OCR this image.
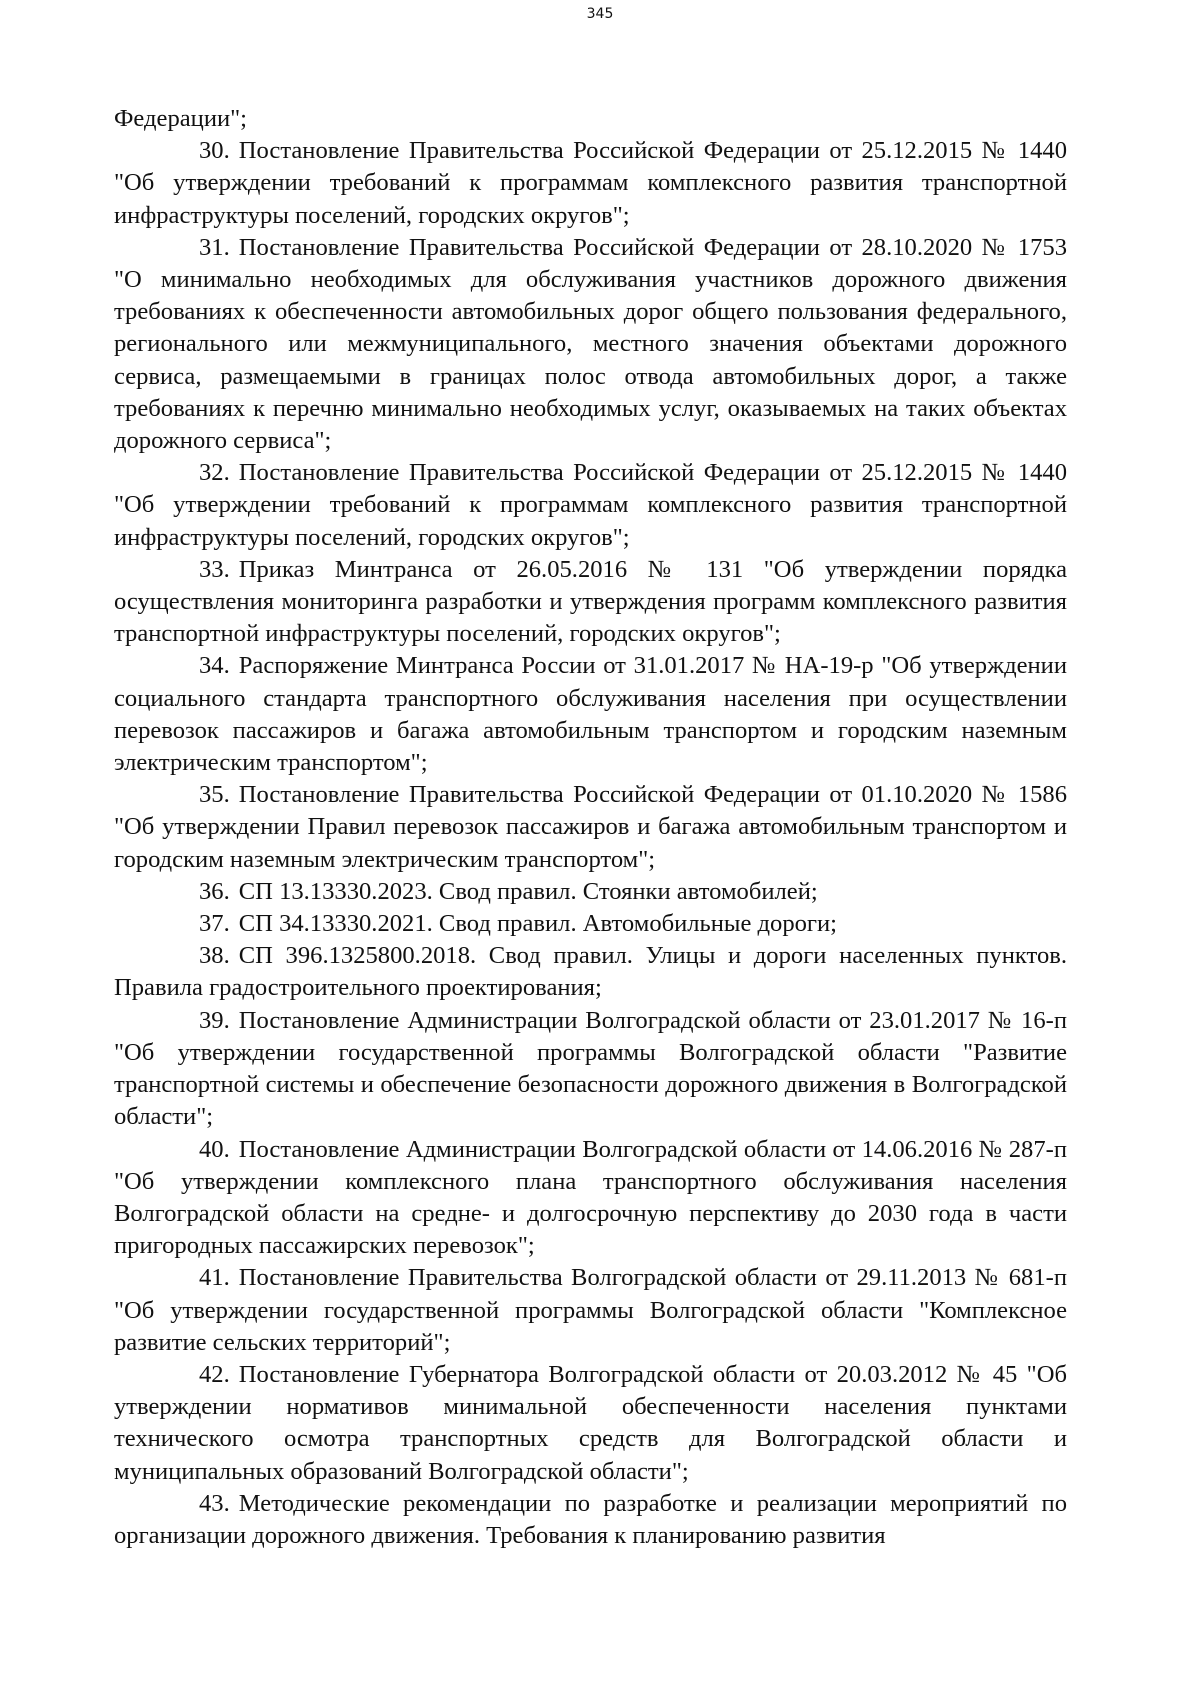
345

Федерации";

30. Постановление Правительства Российской Федерации от 25.12.2015 № 1440 "Об утверждении требований к программам комплексного развития транспортной инфраструктуры поселений, городских округов";

31. Постановление Правительства Российской Федерации от 28.10.2020 № 1753 "О минимально необходимых для обслуживания участников дорожного движения требованиях к обеспеченности автомобильных дорог общего пользования федерального, регионального или межмуниципального, местного значения объектами дорожного сервиса, размещаемыми в границах полос отвода автомобильных дорог, а также требованиях к перечню минимально необходимых услуг, оказываемых на таких объектах дорожного сервиса";

32. Постановление Правительства Российской Федерации от 25.12.2015 № 1440 "Об утверждении требований к программам комплексного развития транспортной инфраструктуры поселений, городских округов";

33. Приказ Минтранса от 26.05.2016 № 131 "Об утверждении порядка осуществления мониторинга разработки и утверждения программ комплексного развития транспортной инфраструктуры поселений, городских округов";

34. Распоряжение Минтранса России от 31.01.2017 № НА-19-р "Об утверждении социального стандарта транспортного обслуживания населения при осуществлении перевозок пассажиров и багажа автомобильным транспортом и городским наземным электрическим транспортом";

35. Постановление Правительства Российской Федерации от 01.10.2020 № 1586 "Об утверждении Правил перевозок пассажиров и багажа автомобильным транспортом и городским наземным электрическим транспортом";

36. СП 13.13330.2023. Свод правил. Стоянки автомобилей;

37. СП 34.13330.2021. Свод правил. Автомобильные дороги;

38. СП 396.1325800.2018. Свод правил. Улицы и дороги населенных пунктов. Правила градостроительного проектирования;

39. Постановление Администрации Волгоградской области от 23.01.2017 № 16-п "Об утверждении государственной программы Волгоградской области "Развитие транспортной системы и обеспечение безопасности дорожного движения в Волгоградской области";

40. Постановление Администрации Волгоградской области от 14.06.2016 № 287-п "Об утверждении комплексного плана транспортного обслуживания населения Волгоградской области на средне- и долгосрочную перспективу до 2030 года в части пригородных пассажирских перевозок";

41. Постановление Правительства Волгоградской области от 29.11.2013 № 681-п "Об утверждении государственной программы Волгоградской области "Комплексное развитие сельских территорий";

42. Постановление Губернатора Волгоградской области от 20.03.2012 № 45 "Об утверждении нормативов минимальной обеспеченности населения пунктами технического осмотра транспортных средств для Волгоградской области и муниципальных образований Волгоградской области";

43. Методические рекомендации по разработке и реализации мероприятий по организации дорожного движения. Требования к планированию развития
